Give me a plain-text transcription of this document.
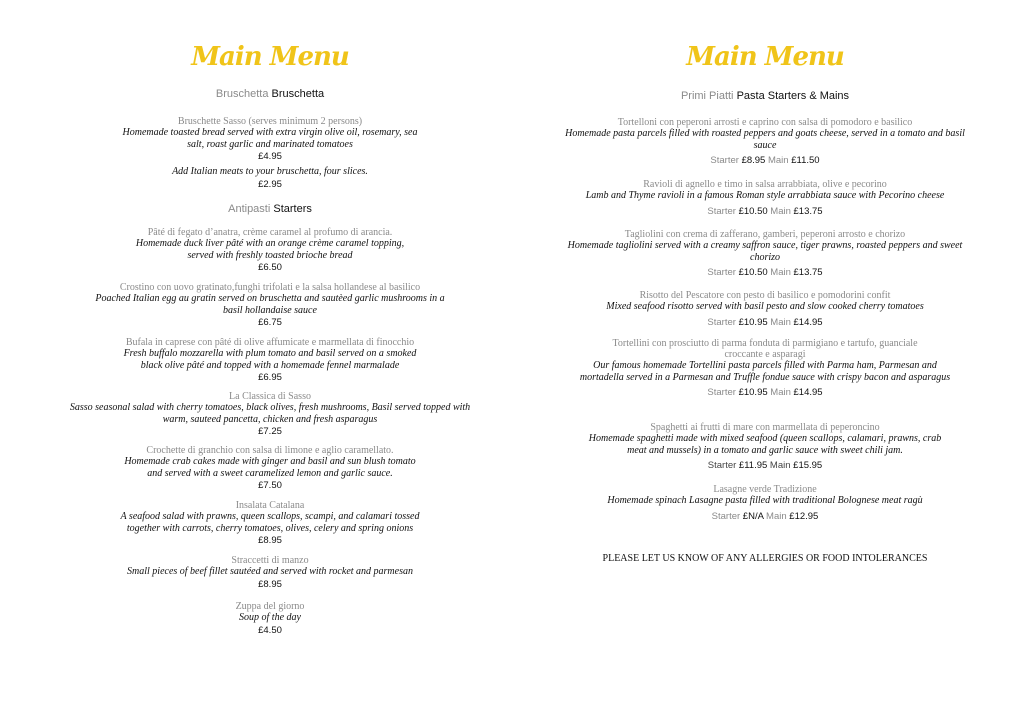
Main Menu
Bruschetta Bruschetta
Bruschette Sasso (serves minimum 2 persons)
Homemade toasted bread served with extra virgin olive oil, rosemary, sea salt, roast garlic and marinated tomatoes
£4.95
Add Italian meats to your bruschetta, four slices.
£2.95
Antipasti Starters
Pâté di fegato d’anatra, crème caramel al profumo di arancia.
Homemade duck liver pâté with an orange crème caramel topping, served with freshly toasted brioche bread
£6.50
Crostino con uovo gratinato,funghi trifolati e la salsa hollandese al basilico
Poached Italian egg au gratin served on bruschetta and sautèed garlic mushrooms in a basil hollandaise sauce
£6.75
Bufala in caprese con pâté di olive affumicate e marmellata di finocchio
Fresh buffalo mozzarella with plum tomato and basil served on a smoked black olive pâté and topped with a homemade fennel marmalade
£6.95
La Classica di Sasso
Sasso seasonal salad with cherry tomatoes, black olives, fresh mushrooms, Basil served topped with warm, sauteed pancetta, chicken and fresh asparagus
£7.25
Crochette di granchio con salsa di limone e aglio caramellato.
Homemade crab cakes made with ginger and basil and sun blush tomato and served with a sweet caramelized lemon and garlic sauce.
£7.50
Insalata Catalana
A seafood salad with prawns, queen scallops, scampi, and calamari tossed together with carrots, cherry tomatoes, olives, celery and spring onions
£8.95
Straccetti di manzo
Small pieces of beef fillet sautéed and served with rocket and parmesan
£8.95
Zuppa del giorno
Soup of the day
£4.50
Main Menu
Primi Piatti Pasta Starters & Mains
Tortelloni con peperoni arrosti e caprino con salsa di pomodoro e basilico
Homemade pasta parcels filled with roasted peppers and goats cheese, served in a tomato and basil sauce
Starter £8.95 Main £11.50
Ravioli di agnello e timo in salsa arrabbiata, olive e pecorino
Lamb and Thyme ravioli in a famous Roman style arrabbiata sauce with Pecorino cheese
Starter £10.50 Main £13.75
Tagliolini con crema di zafferano, gamberi, peperoni arrosto e chorizo
Homemade tagliolini served with a creamy saffron sauce, tiger prawns, roasted peppers and sweet chorizo
Starter £10.50 Main £13.75
Risotto del Pescatore con pesto di basilico e pomodorini confit
Mixed seafood risotto served with basil pesto and slow cooked cherry tomatoes
Starter £10.95 Main £14.95
Tortellini con prosciutto di parma fonduta di parmigiano e tartufo, guanciale croccante e asparagi
Our famous homemade Tortellini pasta parcels filled with Parma ham, Parmesan and mortadella served in a Parmesan and Truffle fondue sauce with crispy bacon and asparagus
Starter £10.95 Main £14.95
Spaghetti ai frutti di mare con marmellata di peperoncino
Homemade spaghetti made with mixed seafood (queen scallops, calamari, prawns, crab meat and mussels) in a tomato and garlic sauce with sweet chili jam.
Starter £11.95 Main £15.95
Lasagne verde Tradizione
Homemade spinach Lasagne pasta filled with traditional Bolognese meat ragù
Starter £N/A Main £12.95
PLEASE LET US KNOW OF ANY ALLERGIES OR FOOD INTOLERANCES
